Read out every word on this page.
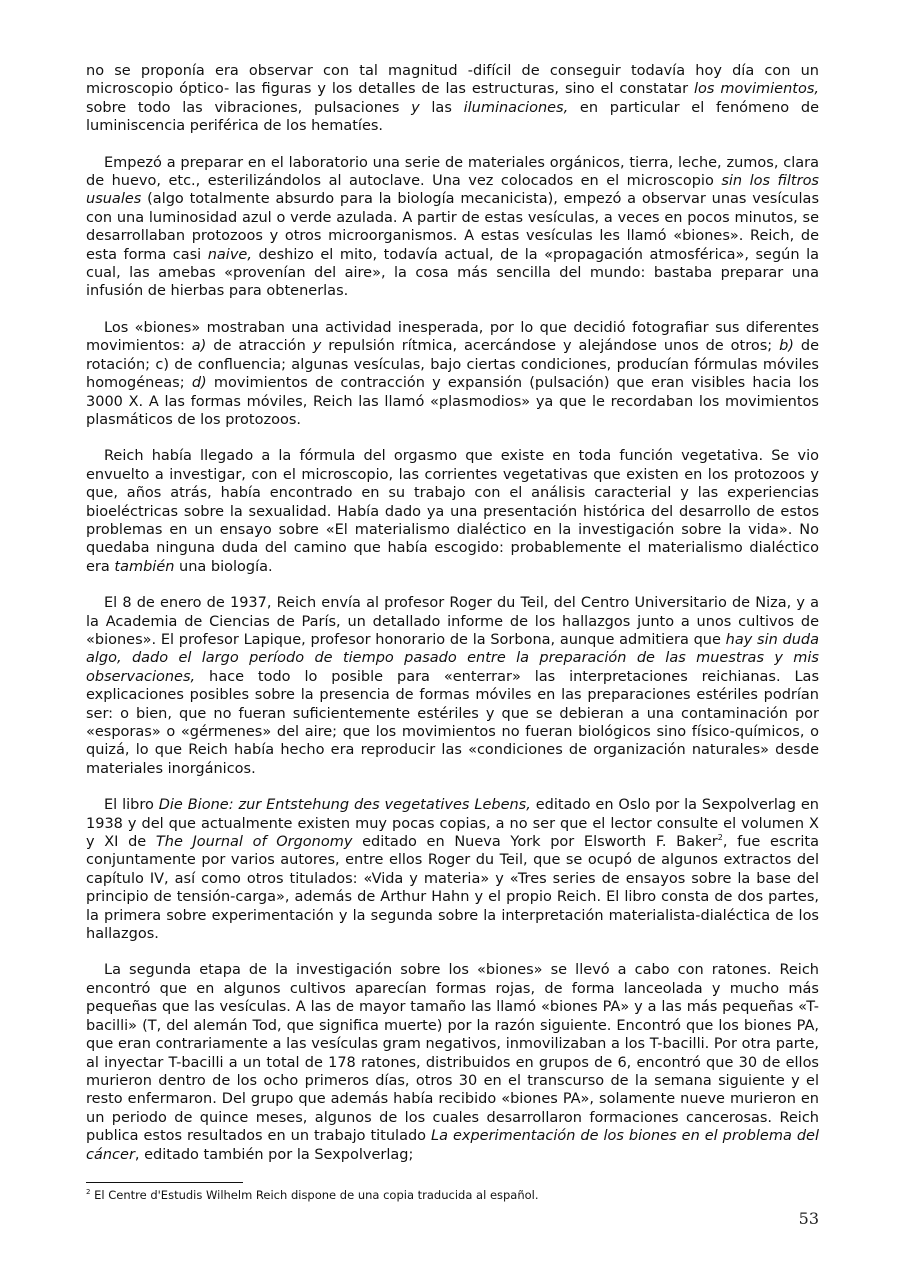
no se proponía era observar con tal magnitud -difícil de conseguir todavía hoy día con un microscopio óptico- las figuras y los detalles de las estructuras, sino el constatar los movimientos, sobre todo las vibraciones, pulsaciones y las iluminaciones, en particular el fenómeno de luminiscencia periférica de los hematíes.

Empezó a preparar en el laboratorio una serie de materiales orgánicos, tierra, leche, zumos, clara de huevo, etc., esterilizándolos al autoclave. Una vez colocados en el microscopio sin los filtros usuales (algo totalmente absurdo para la biología mecanicista), empezó a observar unas vesículas con una luminosidad azul o verde azulada. A partir de estas vesículas, a veces en pocos minutos, se desarrollaban protozoos y otros microorganismos. A estas vesículas les llamó «biones». Reich, de esta forma casi naive, deshizo el mito, todavía actual, de la «propagación atmosférica», según la cual, las amebas «provenían del aire», la cosa más sencilla del mundo: bastaba preparar una infusión de hierbas para obtenerlas.

Los «biones» mostraban una actividad inesperada, por lo que decidió fotografiar sus diferentes movimientos: a) de atracción y repulsión rítmica, acercándose y alejándose unos de otros; b) de rotación; c) de confluencia; algunas vesículas, bajo ciertas condiciones, producían fórmulas móviles homogéneas; d) movimientos de contracción y expansión (pulsación) que eran visibles hacia los 3000 X. A las formas móviles, Reich las llamó «plasmodios» ya que le recordaban los movimientos plasmáticos de los protozoos.

Reich había llegado a la fórmula del orgasmo que existe en toda función vegetativa. Se vio envuelto a investigar, con el microscopio, las corrientes vegetativas que existen en los protozoos y que, años atrás, había encontrado en su trabajo con el análisis caracterial y las experiencias bioeléctricas sobre la sexualidad. Había dado ya una presentación histórica del desarrollo de estos problemas en un ensayo sobre «El materialismo dialéctico en la investigación sobre la vida». No quedaba ninguna duda del camino que había escogido: probablemente el materialismo dialéctico era también una biología.

El 8 de enero de 1937, Reich envía al profesor Roger du Teil, del Centro Universitario de Niza, y a la Academia de Ciencias de París, un detallado informe de los hallazgos junto a unos cultivos de «biones». El profesor Lapique, profesor honorario de la Sorbona, aunque admitiera que hay sin duda algo, dado el largo período de tiempo pasado entre la preparación de las muestras y mis observaciones, hace todo lo posible para «enterrar» las interpretaciones reichianas. Las explicaciones posibles sobre la presencia de formas móviles en las preparaciones estériles podrían ser: o bien, que no fueran suficientemente estériles y que se debieran a una contaminación por «esporas» o «gérmenes» del aire; que los movimientos no fueran biológicos sino físico-químicos, o quizá, lo que Reich había hecho era reproducir las «condiciones de organización naturales» desde materiales inorgánicos.

El libro Die Bione: zur Entstehung des vegetatives Lebens, editado en Oslo por la Sexpolverlag en 1938 y del que actualmente existen muy pocas copias, a no ser que el lector consulte el volumen X y XI de The Journal of Orgonomy editado en Nueva York por Elsworth F. Baker$^2$, fue escrita conjuntamente por varios autores, entre ellos Roger du Teil, que se ocupó de algunos extractos del capítulo IV, así como otros titulados: «Vida y materia» y «Tres series de ensayos sobre la base del principio de tensión-carga», además de Arthur Hahn y el propio Reich. El libro consta de dos partes, la primera sobre experimentación y la segunda sobre la interpretación materialista-dialéctica de los hallazgos.

La segunda etapa de la investigación sobre los «biones» se llevó a cabo con ratones. Reich encontró que en algunos cultivos aparecían formas rojas, de forma lanceolada y mucho más pequeñas que las vesículas. A las de mayor tamaño las llamó «biones PA» y a las más pequeñas «T-bacilli» (T, del alemán Tod, que significa muerte) por la razón siguiente. Encontró que los biones PA, que eran contrariamente a las vesículas gram negativos, inmovilizaban a los T-bacilli. Por otra parte, al inyectar T-bacilli a un total de 178 ratones, distribuidos en grupos de 6, encontró que 30 de ellos murieron dentro de los ocho primeros días, otros 30 en el transcurso de la semana siguiente y el resto enfermaron. Del grupo que además había recibido «biones PA», solamente nueve murieron en un periodo de quince meses, algunos de los cuales desarrollaron formaciones cancerosas. Reich publica estos resultados en un trabajo titulado La experimentación de los biones en el problema del cáncer, editado también por la Sexpolverlag;

$^2$ El Centre d'Estudis Wilhelm Reich dispone de una copia traducida al español.
53
